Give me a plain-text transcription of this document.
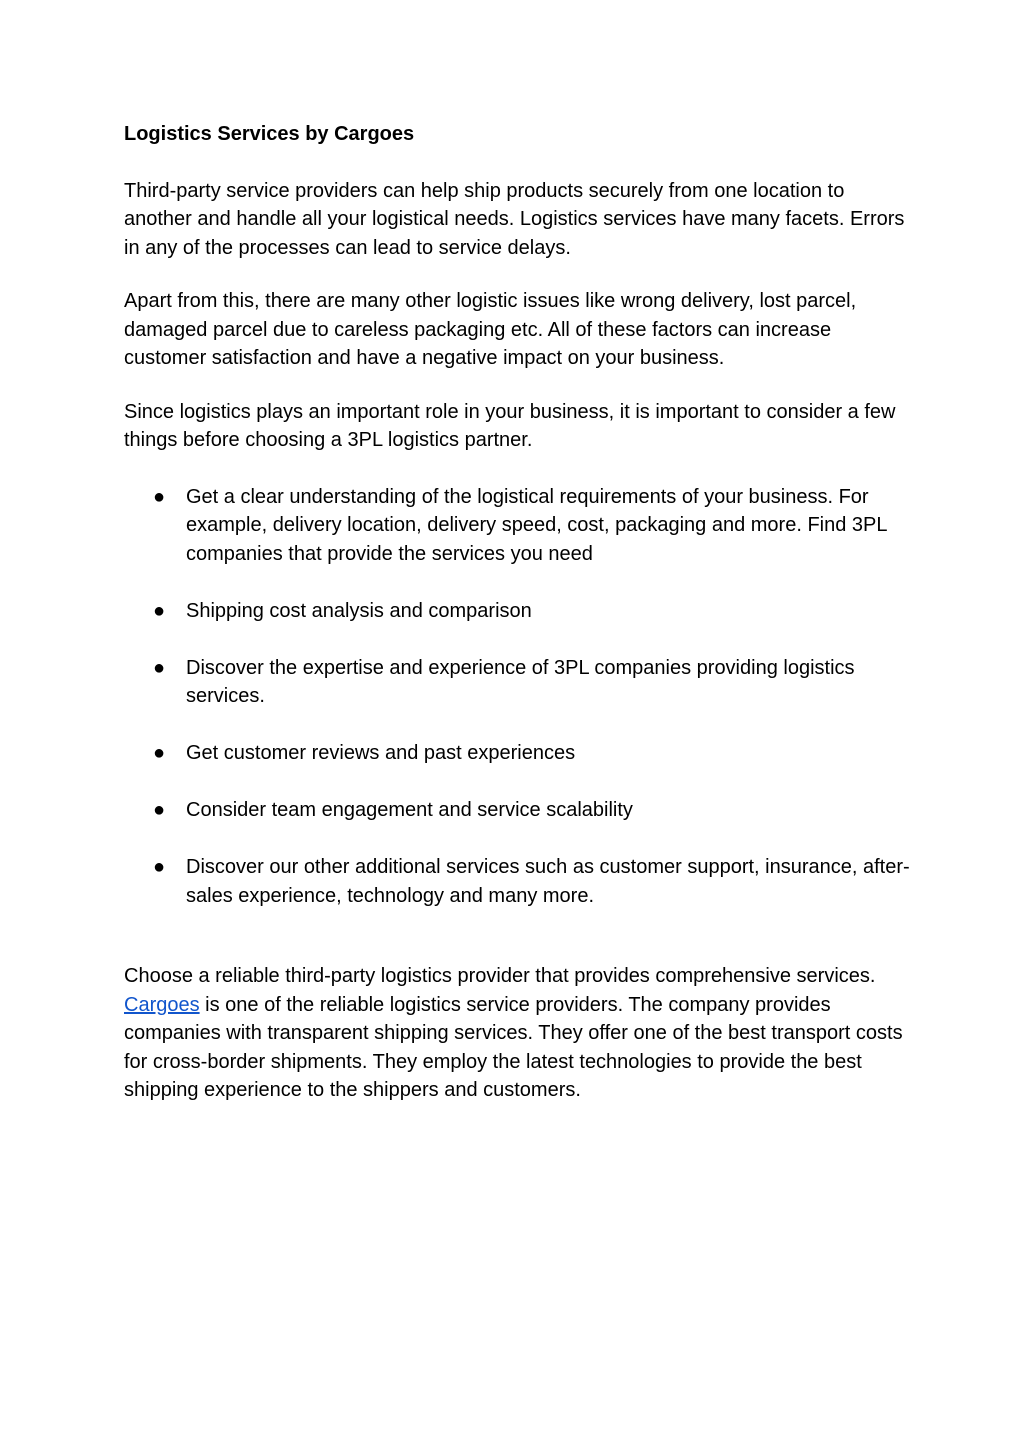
Logistics Services by Cargoes

Third-party service providers can help ship products securely from one location to another and handle all your logistical needs. Logistics services have many facets. Errors in any of the processes can lead to service delays.

Apart from this, there are many other logistic issues like wrong delivery, lost parcel, damaged parcel due to careless packaging etc. All of these factors can increase customer satisfaction and have a negative impact on your business.

Since logistics plays an important role in your business, it is important to consider a few things before choosing a 3PL logistics partner.

● Get a clear understanding of the logistical requirements of your business. For example, delivery location, delivery speed, cost, packaging and more. Find 3PL companies that provide the services you need
● Shipping cost analysis and comparison
● Discover the expertise and experience of 3PL companies providing logistics services.
● Get customer reviews and past experiences
● Consider team engagement and service scalability
● Discover our other additional services such as customer support, insurance, after-sales experience, technology and many more.

Choose a reliable third-party logistics provider that provides comprehensive services. Cargoes is one of the reliable logistics service providers. The company provides companies with transparent shipping services. They offer one of the best transport costs for cross-border shipments. They employ the latest technologies to provide the best shipping experience to the shippers and customers.
